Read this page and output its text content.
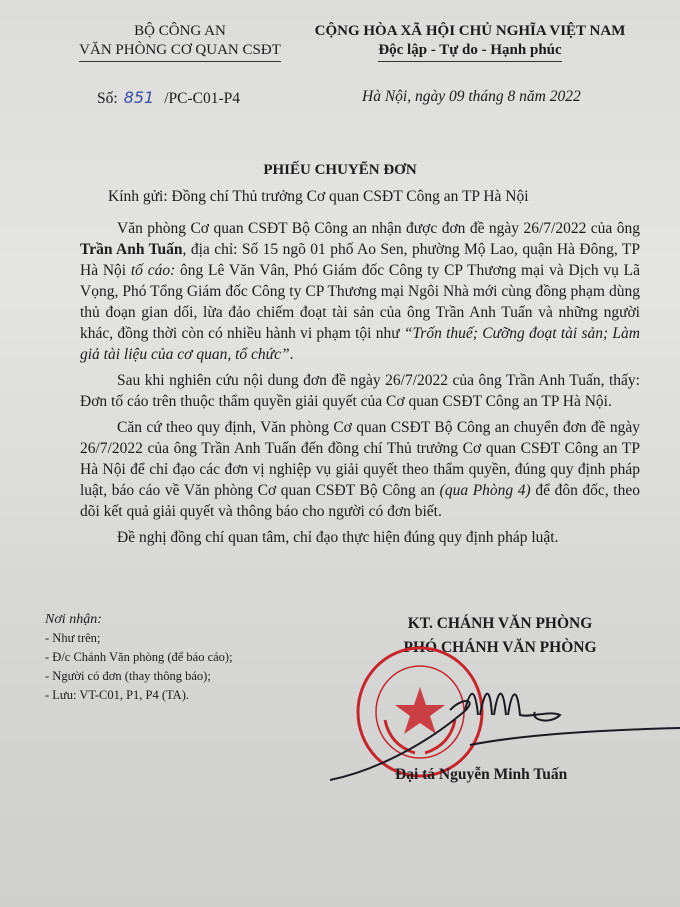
BỘ CÔNG AN
VĂN PHÒNG CƠ QUAN CSĐT
CỘNG HÒA XÃ HỘI CHỦ NGHĨA VIỆT NAM
Độc lập - Tự do - Hạnh phúc
Số: 851 /PC-C01-P4	Hà Nội, ngày 09 tháng 8 năm 2022
PHIẾU CHUYỂN ĐƠN
Kính gửi: Đồng chí Thủ trưởng Cơ quan CSĐT Công an TP Hà Nội

Văn phòng Cơ quan CSĐT Bộ Công an nhận được đơn đề ngày 26/7/2022 của ông Trần Anh Tuấn, địa chỉ: Số 15 ngõ 01 phố Ao Sen, phường Mộ Lao, quận Hà Đông, TP Hà Nội tố cáo: ông Lê Văn Vân, Phó Giám đốc Công ty CP Thương mại và Dịch vụ Lã Vọng, Phó Tổng Giám đốc Công ty CP Thương mại Ngôi Nhà mới cùng đồng phạm dùng thủ đoạn gian dối, lừa đảo chiếm đoạt tài sản của ông Trần Anh Tuấn và những người khác, đồng thời còn có nhiều hành vi phạm tội như “Trốn thuế; Cưỡng đoạt tài sản; Làm giả tài liệu của cơ quan, tổ chức”.

Sau khi nghiên cứu nội dung đơn đề ngày 26/7/2022 của ông Trần Anh Tuấn, thấy: Đơn tố cáo trên thuộc thẩm quyền giải quyết của Cơ quan CSĐT Công an TP Hà Nội.

Căn cứ theo quy định, Văn phòng Cơ quan CSĐT Bộ Công an chuyển đơn đề ngày 26/7/2022 của ông Trần Anh Tuấn đến đồng chí Thủ trưởng Cơ quan CSĐT Công an TP Hà Nội để chỉ đạo các đơn vị nghiệp vụ giải quyết theo thẩm quyền, đúng quy định pháp luật, báo cáo về Văn phòng Cơ quan CSĐT Bộ Công an (qua Phòng 4) để đôn đốc, theo dõi kết quả giải quyết và thông báo cho người có đơn biết.

Đề nghị đồng chí quan tâm, chỉ đạo thực hiện đúng quy định pháp luật.

Nơi nhận:
- Như trên;
- Đ/c Chánh Văn phòng (để báo cáo);
- Người có đơn (thay thông báo);
- Lưu: VT-C01, P1, P4 (TA).
KT. CHÁNH VĂN PHÒNG
PHÓ CHÁNH VĂN PHÒNG
Đại tá Nguyễn Minh Tuấn
